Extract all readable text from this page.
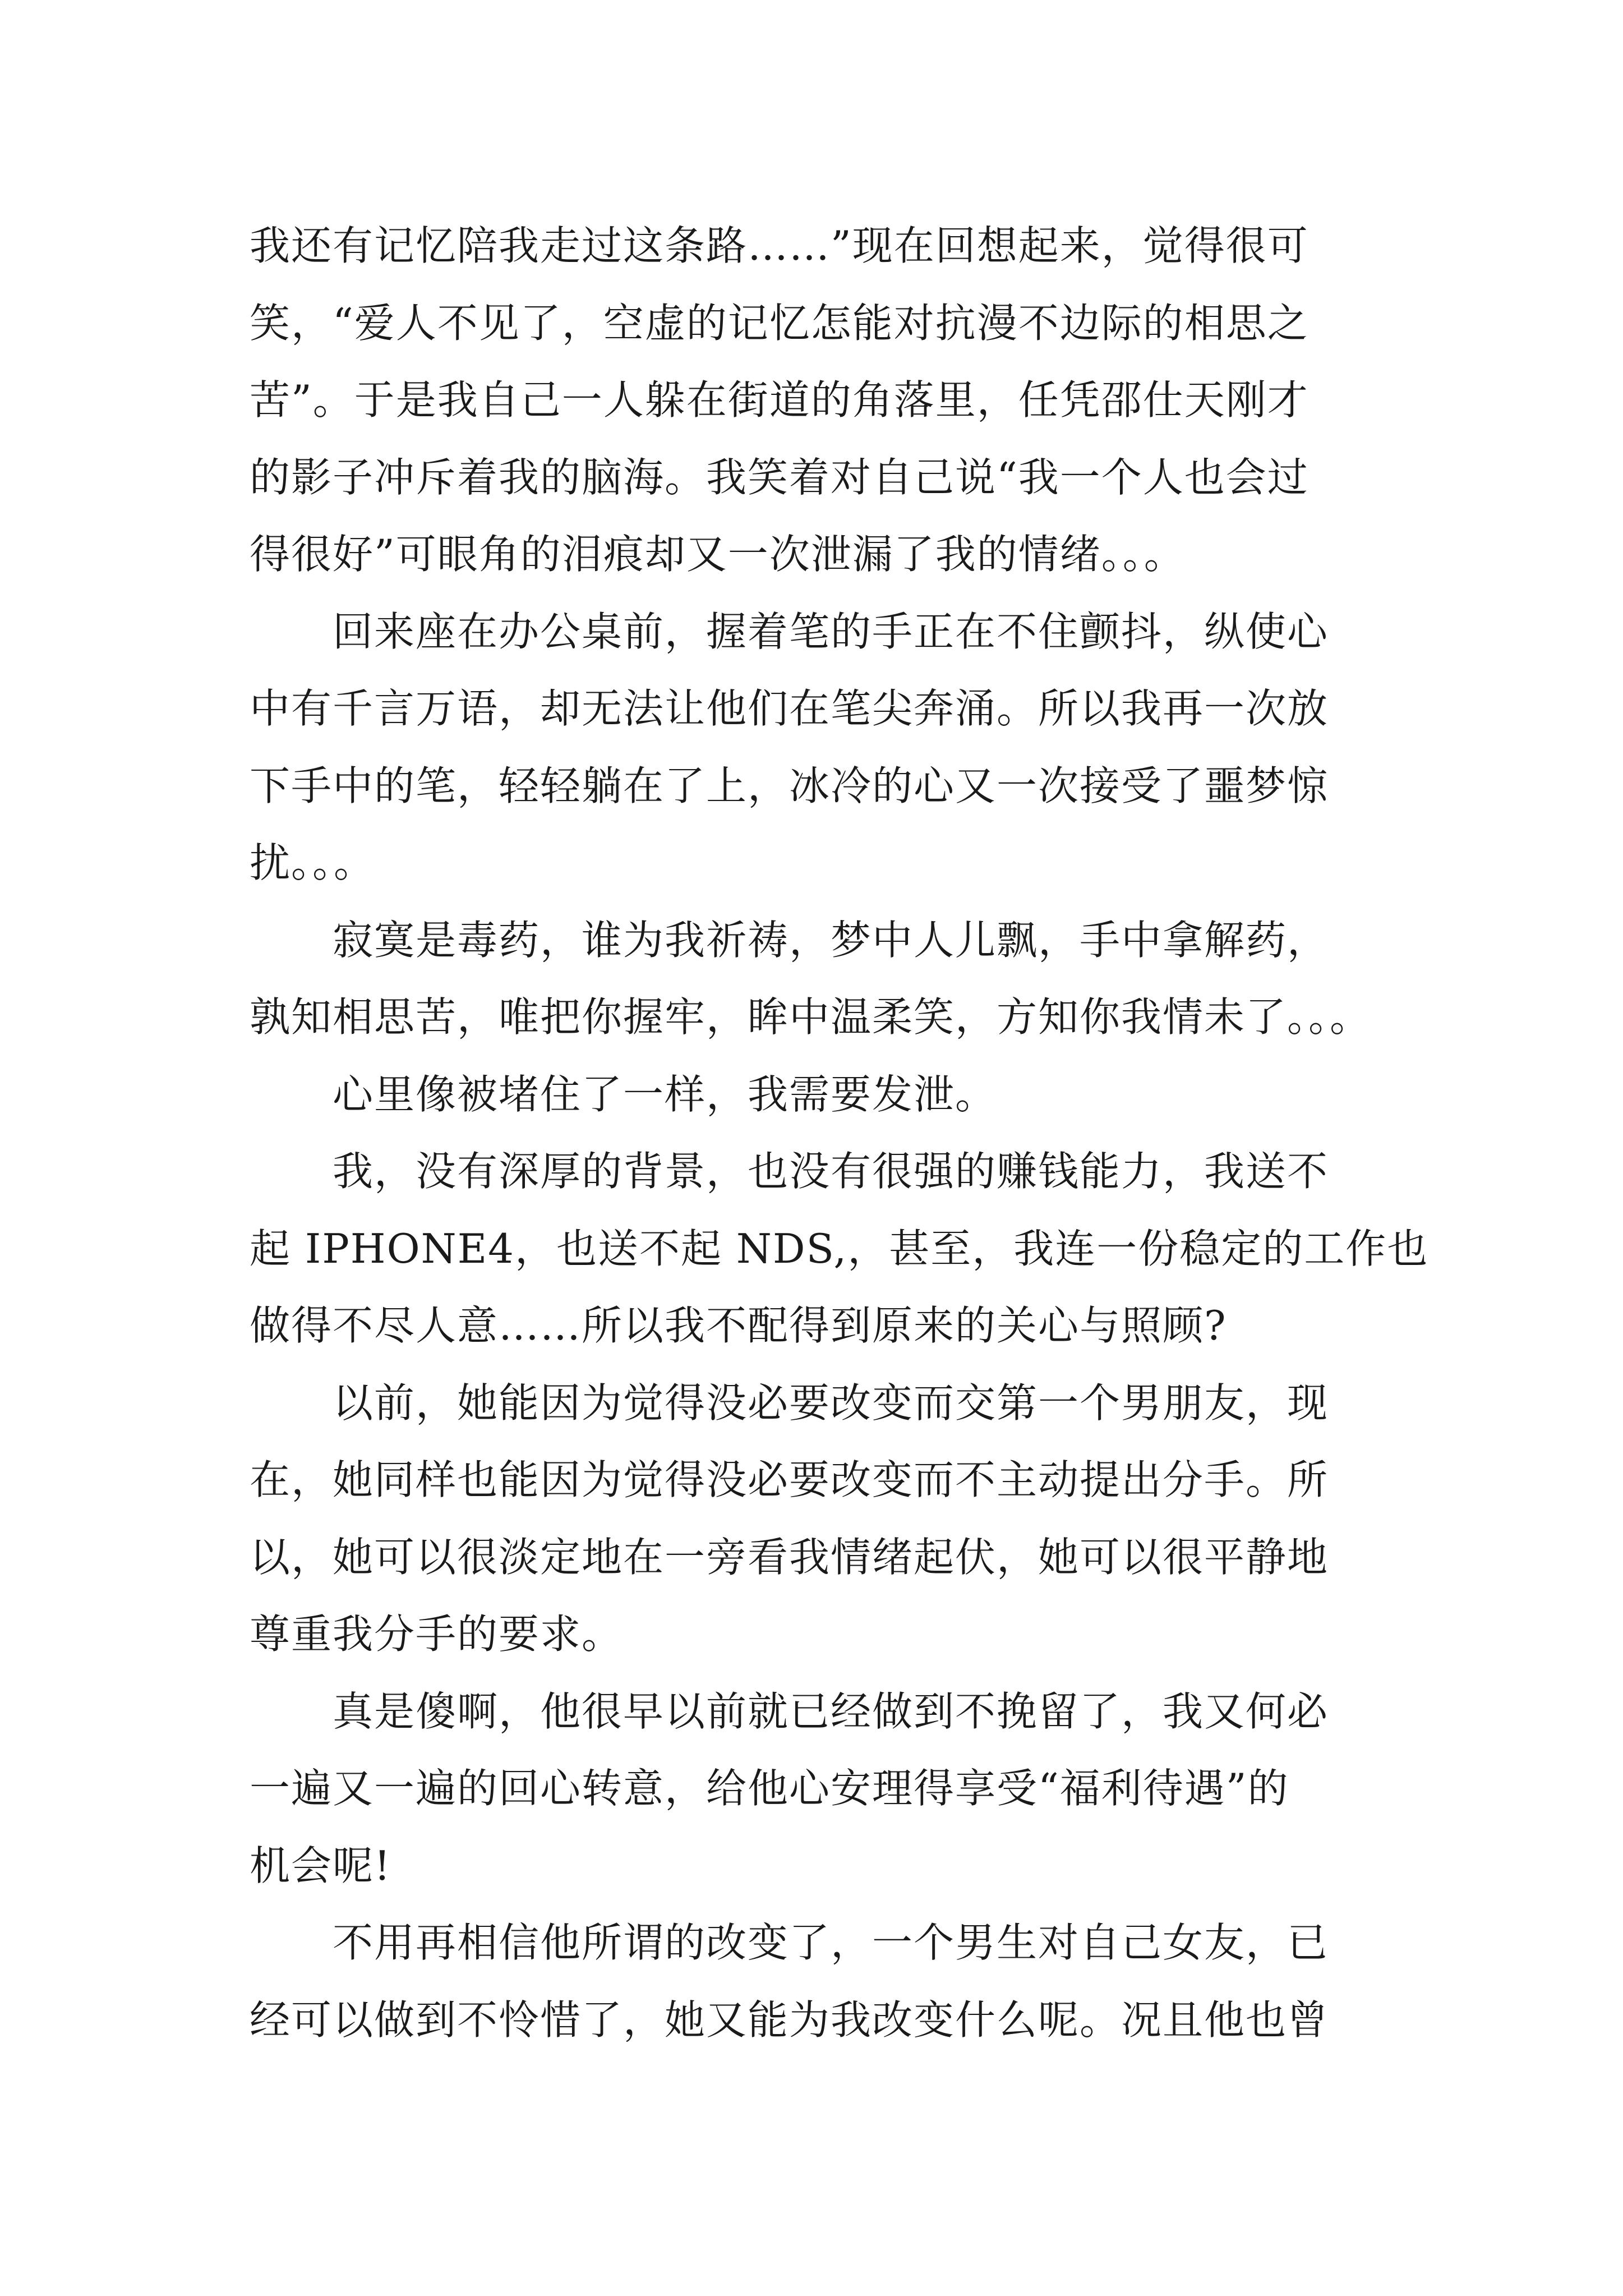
我还有记忆陪我走过这条路……”现在回想起来，觉得很可
笑，“爱人不见了，空虚的记忆怎能对抗漫不边际的相思之
苦”。于是我自己一人躲在街道的角落里，任凭邵仕天刚才
的影子冲斥着我的脑海。我笑着对自己说“我一个人也会过
得很好”可眼角的泪痕却又一次泄漏了我的情绪。。。
回来座在办公桌前，握着笔的手正在不住颤抖，纵使心
中有千言万语，却无法让他们在笔尖奔涌。所以我再一次放
下手中的笔，轻轻躺在了上，冰冷的心又一次接受了噩梦惊
扰。。。
寂寞是毒药，谁为我祈祷，梦中人儿飘，手中拿解药，
孰知相思苦，唯把你握牢，眸中温柔笑，方知你我情未了。。。
心里像被堵住了一样，我需要发泄。
我，没有深厚的背景，也没有很强的赚钱能力，我送不
起 IPHONE4，也送不起 NDS,，甚至，我连一份稳定的工作也
做得不尽人意……所以我不配得到原来的关心与照顾?
以前，她能因为觉得没必要改变而交第一个男朋友，现
在，她同样也能因为觉得没必要改变而不主动提出分手。所
以，她可以很淡定地在一旁看我情绪起伏，她可以很平静地
尊重我分手的要求。
真是傻啊，他很早以前就已经做到不挽留了，我又何必
一遍又一遍的回心转意，给他心安理得享受“福利待遇”的
机会呢!
不用再相信他所谓的改变了，一个男生对自己女友，已
经可以做到不怜惜了，她又能为我改变什么呢。况且他也曾
